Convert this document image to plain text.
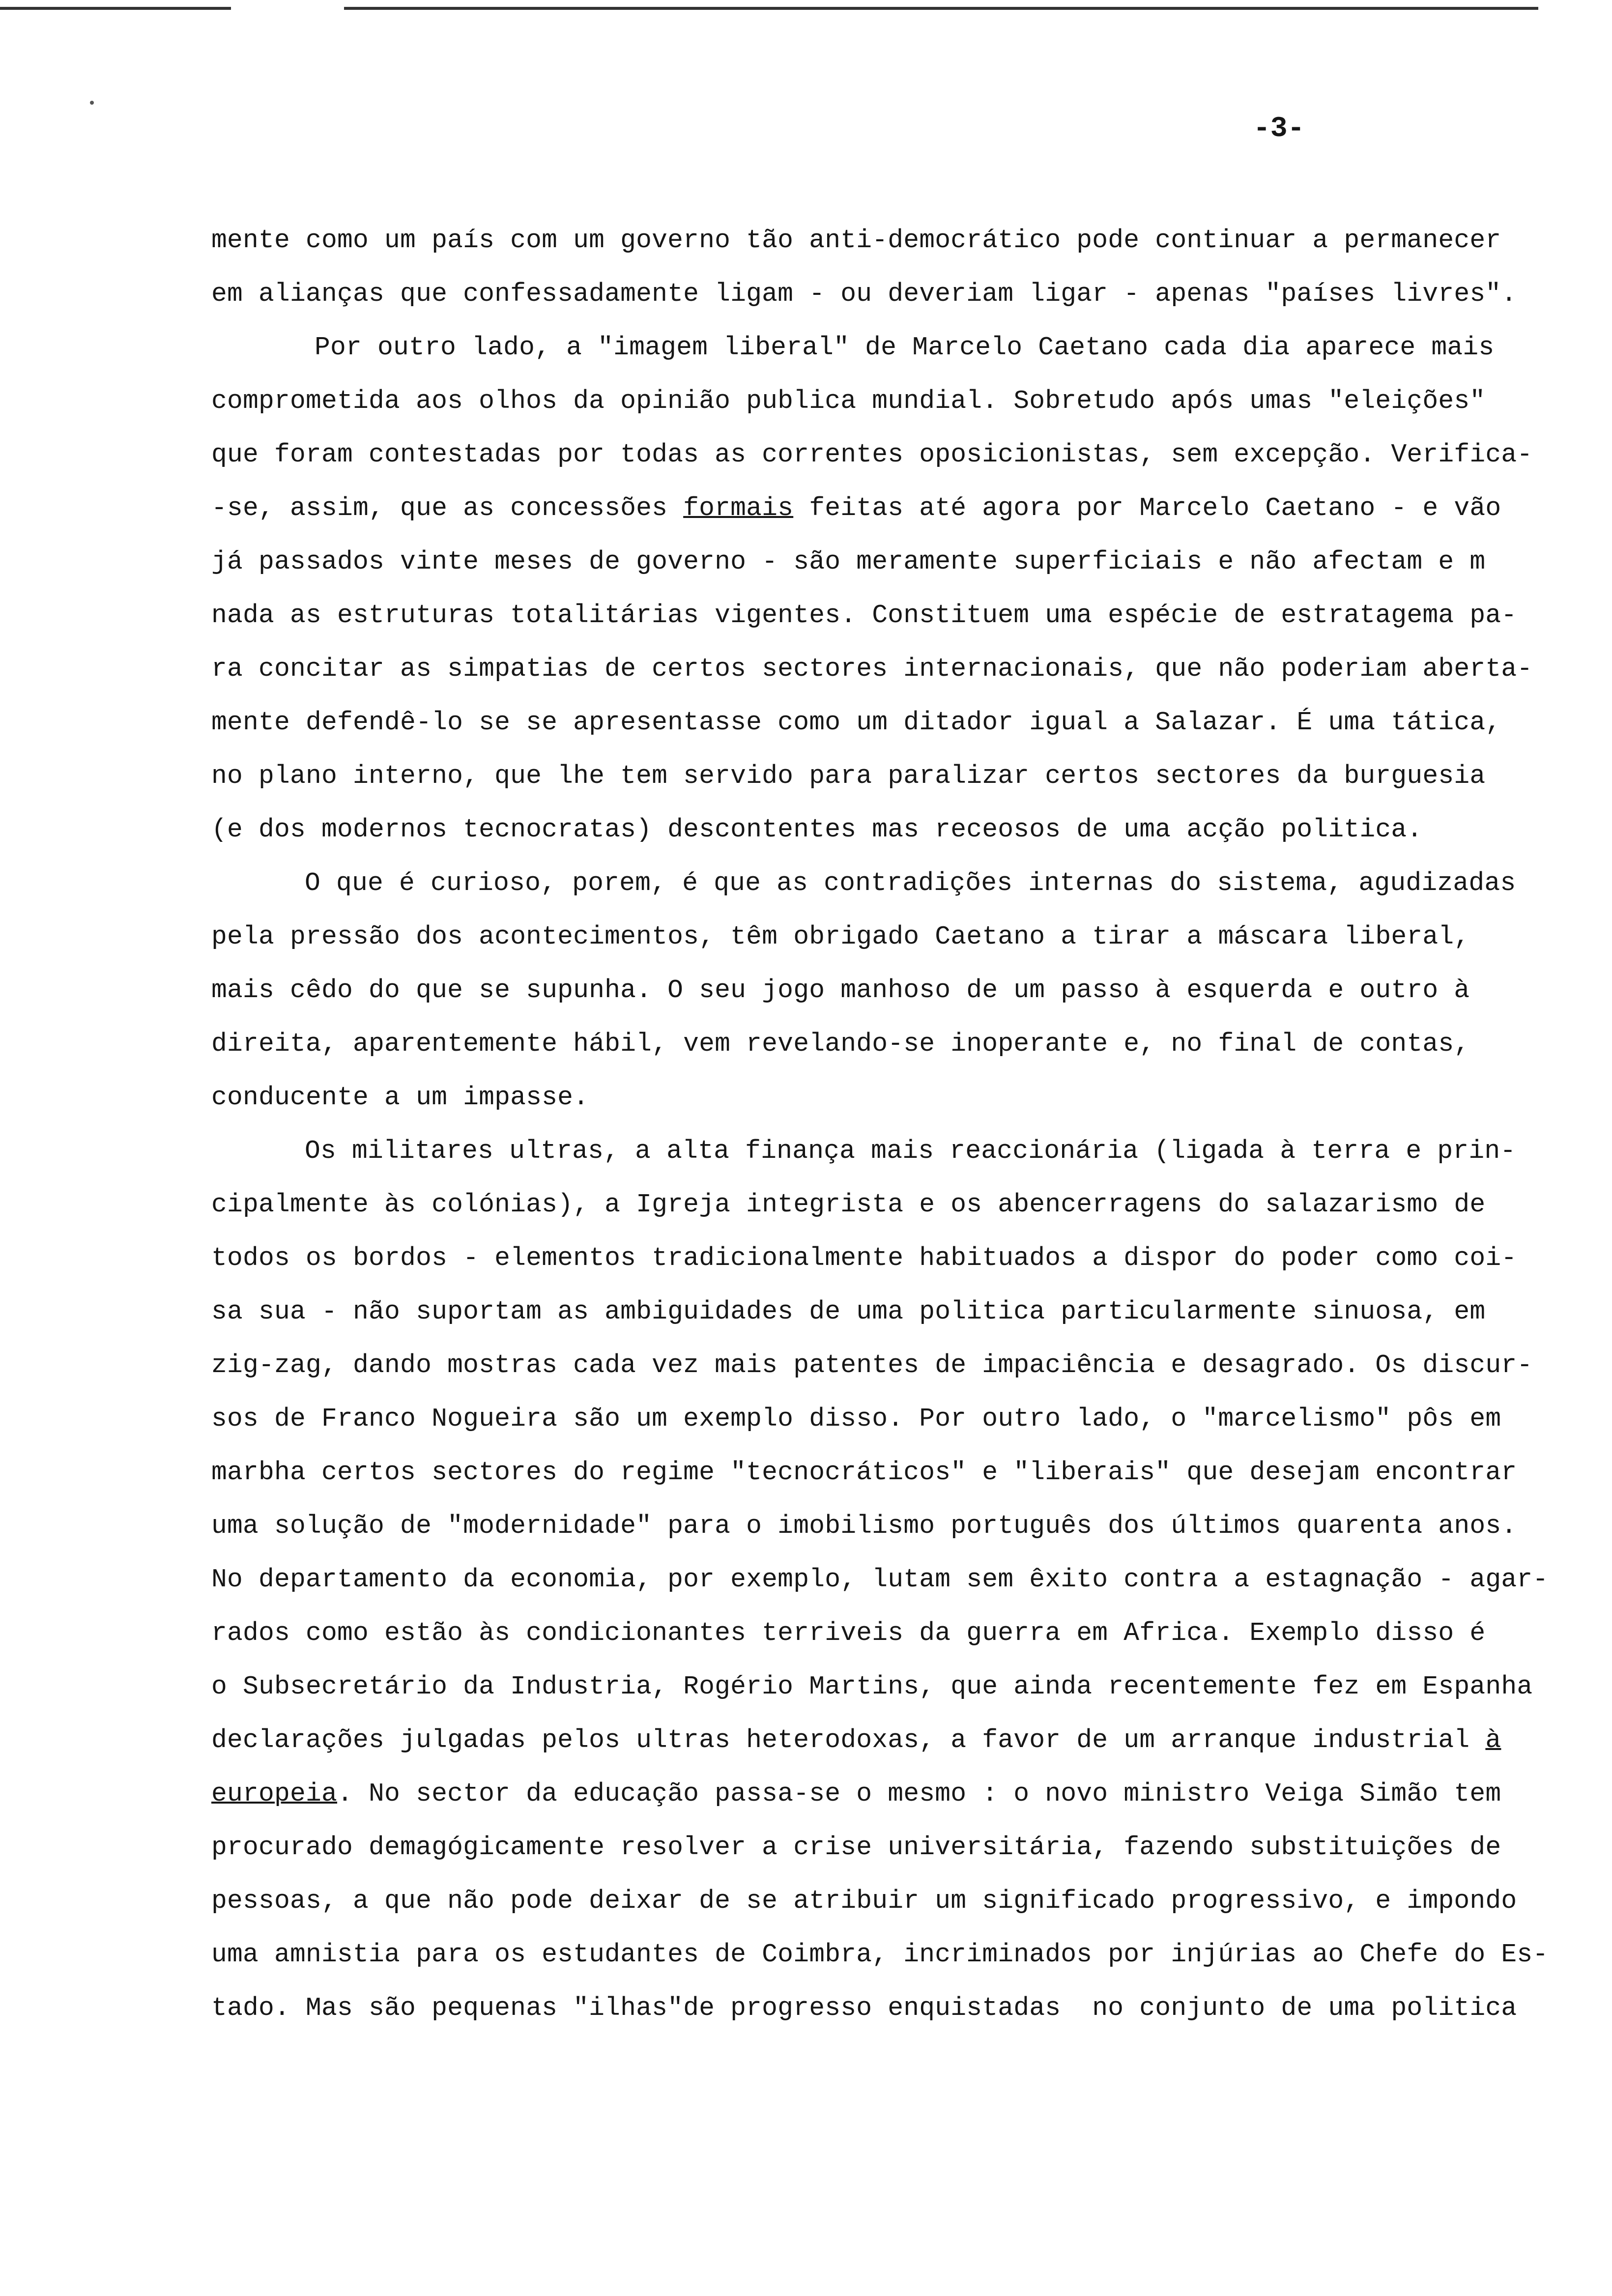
-3-
mente como um país com um governo tão anti-democrático pode continuar a permanecer
em alianças que confessadamente ligam - ou deveriam ligar - apenas "países livres".
Por outro lado, a "imagem liberal" de Marcelo Caetano cada dia aparece mais
comprometida aos olhos da opinião publica mundial. Sobretudo após umas "eleições"
que foram contestadas por todas as correntes oposicionistas, sem excepção. Verifica-
-se, assim, que as concessões formais feitas até agora por Marcelo Caetano - e vão
já passados vinte meses de governo - são meramente superficiais e não afectam e m
nada as estruturas totalitárias vigentes. Constituem uma espécie de estratagema pa-
ra concitar as simpatias de certos sectores internacionais, que não poderiam aberta-
mente defendê-lo se se apresentasse como um ditador igual a Salazar. É uma tática,
no plano interno, que lhe tem servido para paralizar certos sectores da burguesia
(e dos modernos tecnocratas) descontentes mas receosos de uma acção politica.
O que é curioso, porem, é que as contradições internas do sistema, agudizadas
pela pressão dos acontecimentos, têm obrigado Caetano a tirar a máscara liberal,
mais cêdo do que se supunha. O seu jogo manhoso de um passo à esquerda e outro à
direita, aparentemente hábil, vem revelando-se inoperante e, no final de contas,
conducente a um impasse.
Os militares ultras, a alta finança mais reaccionária (ligada à terra e prin-
cipalmente às colónias), a Igreja integrista e os abencerragens do salazarismo de
todos os bordos - elementos tradicionalmente habituados a dispor do poder como coi-
sa sua - não suportam as ambiguidades de uma politica particularmente sinuosa, em
zig-zag, dando mostras cada vez mais patentes de impaciência e desagrado. Os discur-
sos de Franco Nogueira são um exemplo disso. Por outro lado, o "marcelismo" pôs em
marbha certos sectores do regime "tecnocráticos" e "liberais" que desejam encontrar
uma solução de "modernidade" para o imobilismo português dos últimos quarenta anos.
No departamento da economia, por exemplo, lutam sem êxito contra a estagnação - agar-
rados como estão às condicionantes terriveis da guerra em Africa. Exemplo disso é
o Subsecretário da Industria, Rogério Martins, que ainda recentemente fez em Espanha
declarações julgadas pelos ultras heterodoxas, a favor de um arranque industrial à
europeia. No sector da educação passa-se o mesmo : o novo ministro Veiga Simão tem
procurado demagógicamente resolver a crise universitária, fazendo substituições de
pessoas, a que não pode deixar de se atribuir um significado progressivo, e impondo
uma amnistia para os estudantes de Coimbra, incriminados por injúrias ao Chefe do Es-
tado. Mas são pequenas "ilhas"de progresso enquistadas  no conjunto de uma politica
